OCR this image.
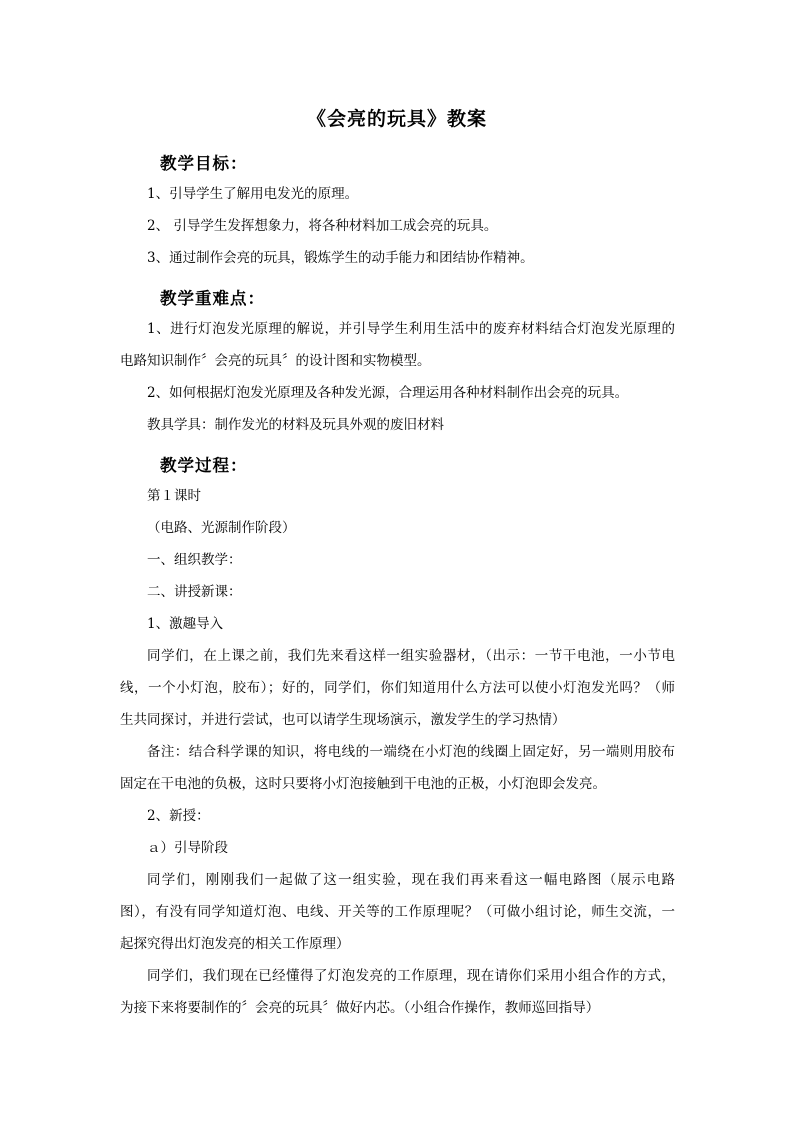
《会亮的玩具》教案
教学目标：
1、引导学生了解用电发光的原理。
2、 引导学生发挥想象力，将各种材料加工成会亮的玩具。
3、通过制作会亮的玩具，锻炼学生的动手能力和团结协作精神。
教学重难点：
1、进行灯泡发光原理的解说，并引导学生利用生活中的废弃材料结合灯泡发光原理的
电路知识制作〞会亮的玩具〞的设计图和实物模型。
2、如何根据灯泡发光原理及各种发光源，合理运用各种材料制作出会亮的玩具。
教具学具：制作发光的材料及玩具外观的废旧材料
教学过程：
第１课时
（电路、光源制作阶段）
一、组织教学：
二、讲授新课：
1、激趣导入
同学们，在上课之前，我们先来看这样一组实验器材，（出示：一节干电池，一小节电
线，一个小灯泡，胶布）；好的，同学们，你们知道用什么方法可以使小灯泡发光吗？（师
生共同探讨，并进行尝试，也可以请学生现场演示，激发学生的学习热情）
备注：结合科学课的知识，将电线的一端绕在小灯泡的线圈上固定好，另一端则用胶布
固定在干电池的负极，这时只要将小灯泡接触到干电池的正极，小灯泡即会发亮。
2、新授：
ａ）引导阶段
同学们，刚刚我们一起做了这一组实验，现在我们再来看这一幅电路图（展示电路
图），有没有同学知道灯泡、电线、开关等的工作原理呢？（可做小组讨论，师生交流，一
起探究得出灯泡发亮的相关工作原理）
同学们，我们现在已经懂得了灯泡发亮的工作原理，现在请你们采用小组合作的方式，
为接下来将要制作的〞会亮的玩具〞做好内芯。（小组合作操作，教师巡回指导）
